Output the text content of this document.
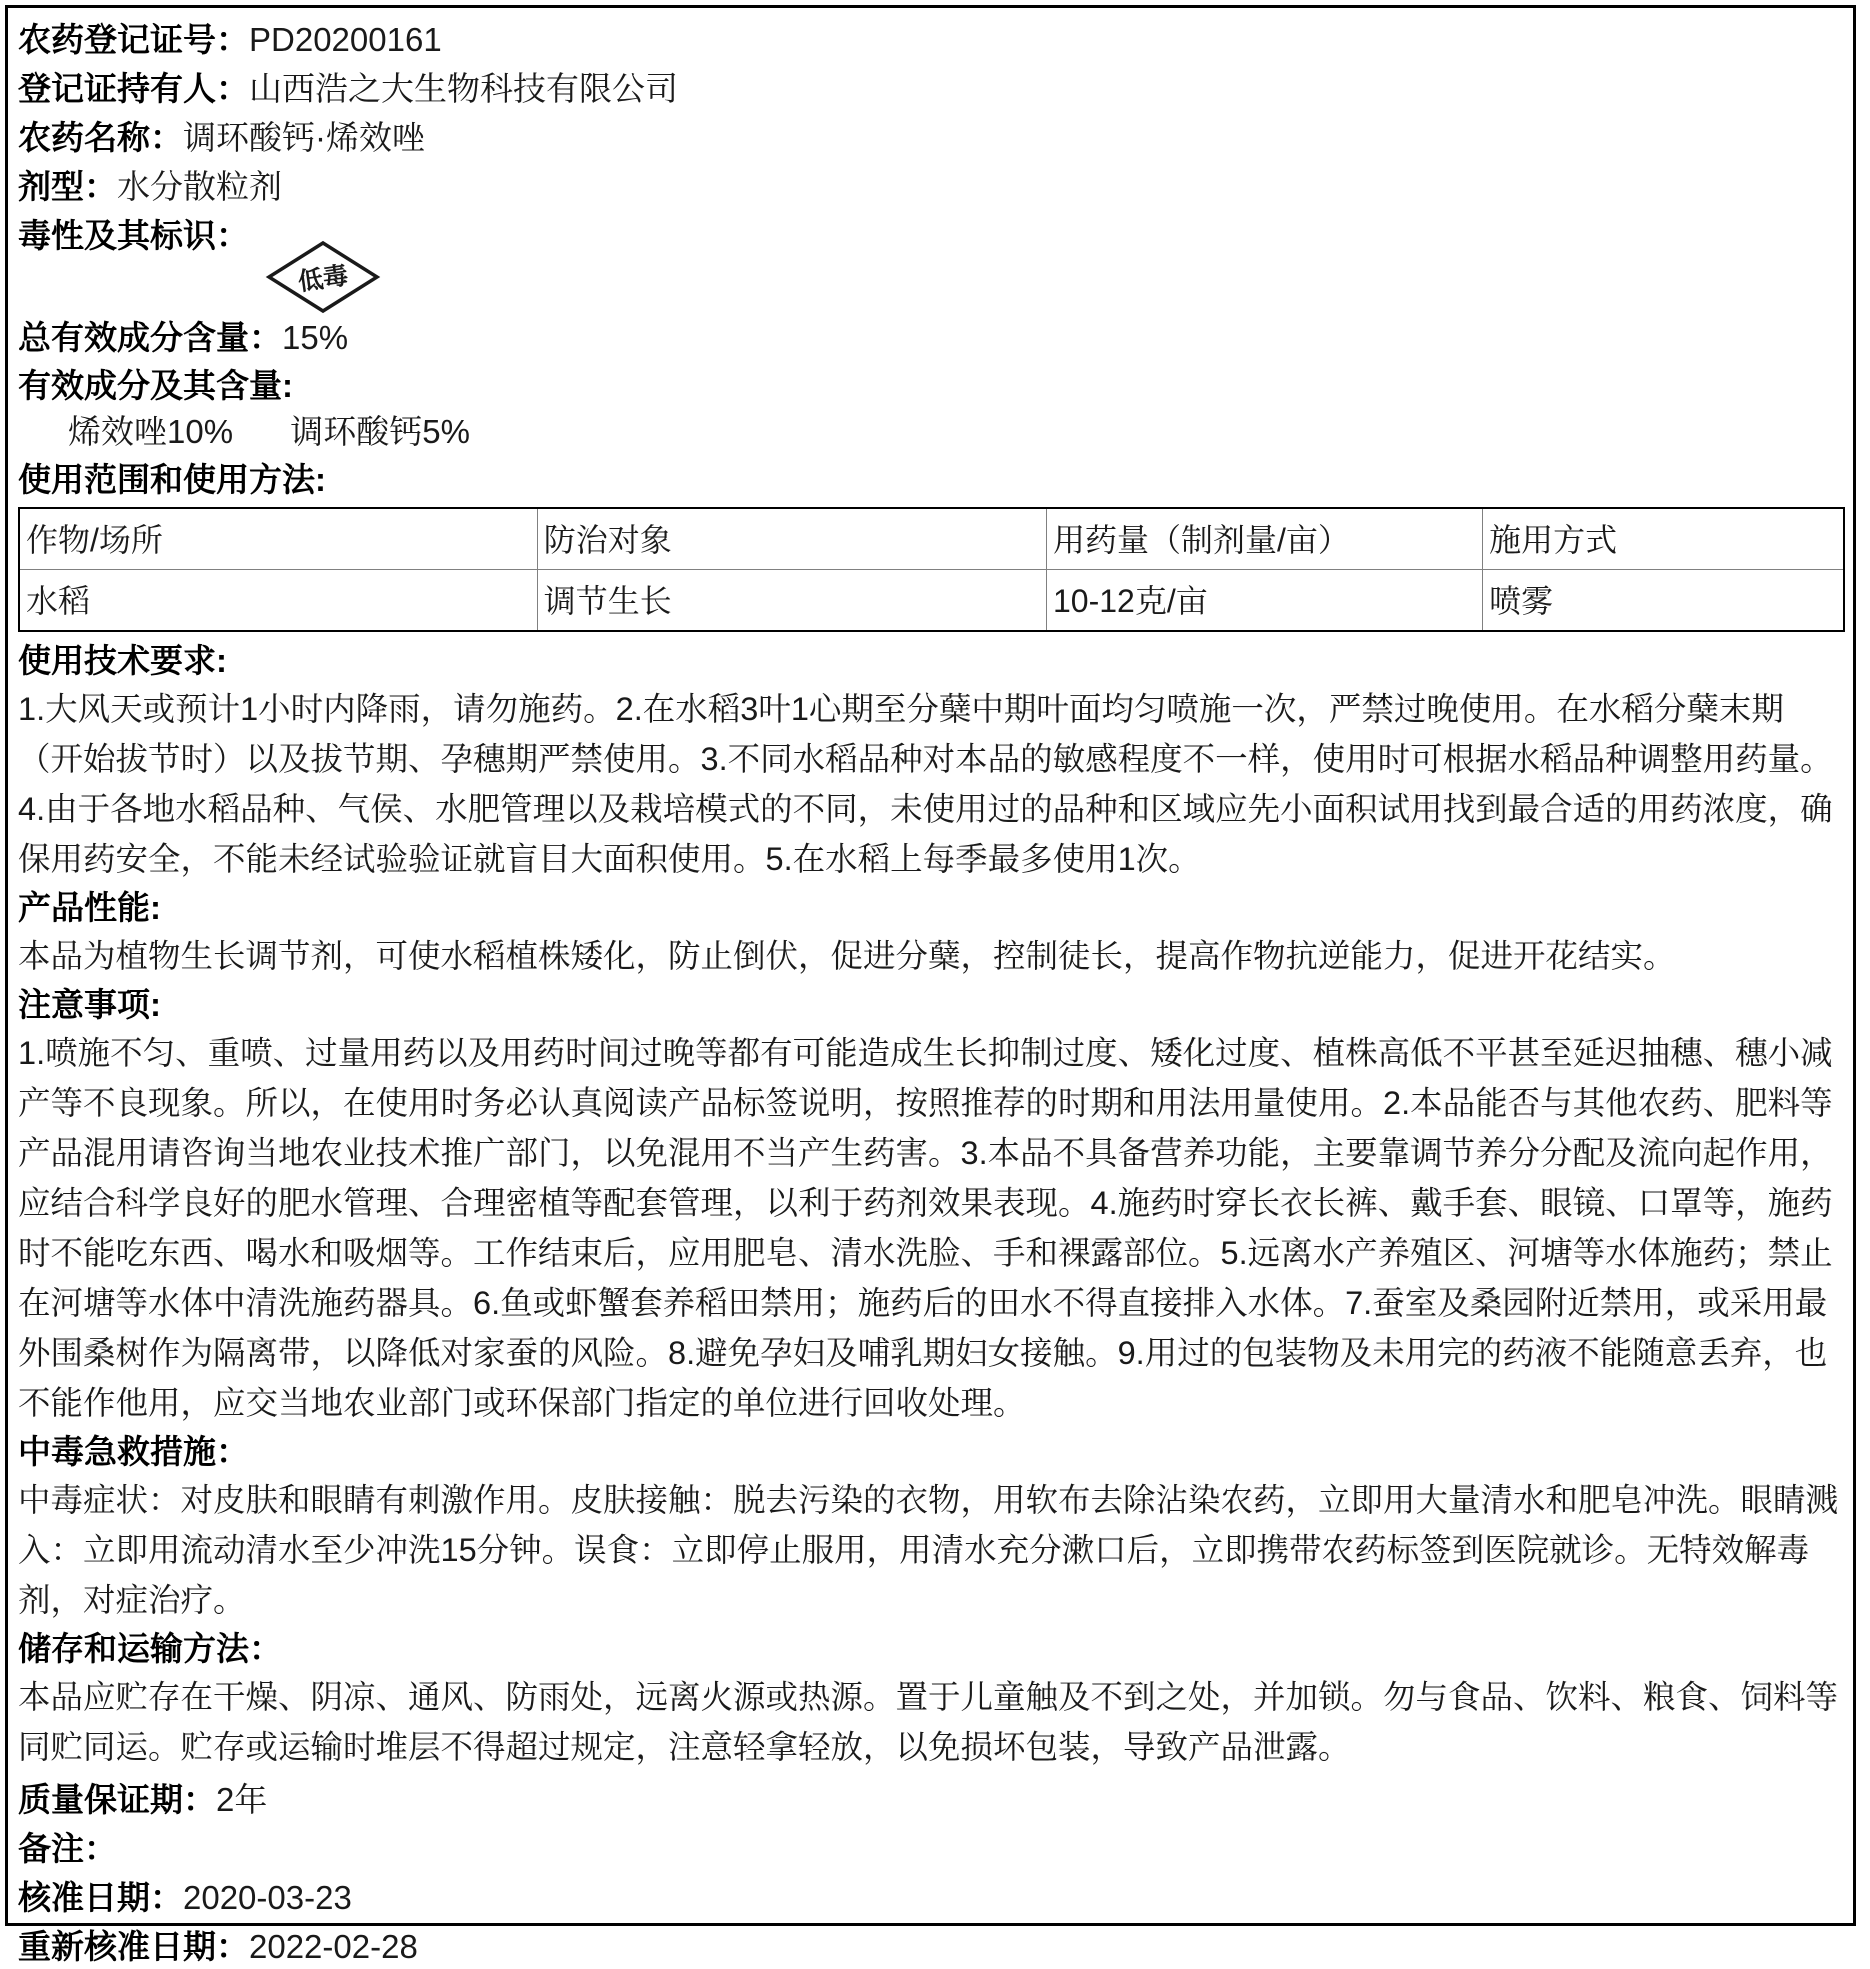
农药登记证号：PD20200161
登记证持有人：山西浩之大生物科技有限公司
农药名称：调环酸钙·烯效唑
剂型：水分散粒剂
毒性及其标识：
低毒
总有效成分含量：15%
有效成分及其含量:
烯效唑10% 调环酸钙5%
使用范围和使用方法:
作物/场所	防治对象	用药量（制剂量/亩）	施用方式
水稻	调节生长	10-12克/亩	喷雾
使用技术要求:
1.大风天或预计1小时内降雨，请勿施药。2.在水稻3叶1心期至分蘖中期叶面均匀喷施一次，严禁过晚使用。在水稻分蘖末期（开始拔节时）以及拔节期、孕穗期严禁使用。3.不同水稻品种对本品的敏感程度不一样，使用时可根据水稻品种调整用药量。4.由于各地水稻品种、气侯、水肥管理以及栽培模式的不同，未使用过的品种和区域应先小面积试用找到最合适的用药浓度，确保用药安全，不能未经试验验证就盲目大面积使用。5.在水稻上每季最多使用1次。
产品性能:
本品为植物生长调节剂，可使水稻植株矮化，防止倒伏，促进分蘖，控制徒长，提高作物抗逆能力，促进开花结实。
注意事项:
1.喷施不匀、重喷、过量用药以及用药时间过晚等都有可能造成生长抑制过度、矮化过度、植株高低不平甚至延迟抽穗、穗小减产等不良现象。所以，在使用时务必认真阅读产品标签说明，按照推荐的时期和用法用量使用。2.本品能否与其他农药、肥料等产品混用请咨询当地农业技术推广部门，以免混用不当产生药害。3.本品不具备营养功能，主要靠调节养分分配及流向起作用，应结合科学良好的肥水管理、合理密植等配套管理，以利于药剂效果表现。4.施药时穿长衣长裤、戴手套、眼镜、口罩等，施药时不能吃东西、喝水和吸烟等。工作结束后，应用肥皂、清水洗脸、手和裸露部位。5.远离水产养殖区、河塘等水体施药；禁止在河塘等水体中清洗施药器具。6.鱼或虾蟹套养稻田禁用；施药后的田水不得直接排入水体。7.蚕室及桑园附近禁用，或采用最外围桑树作为隔离带，以降低对家蚕的风险。8.避免孕妇及哺乳期妇女接触。9.用过的包装物及未用完的药液不能随意丢弃，也不能作他用，应交当地农业部门或环保部门指定的单位进行回收处理。
中毒急救措施：
中毒症状：对皮肤和眼睛有刺激作用。皮肤接触：脱去污染的衣物，用软布去除沾染农药，立即用大量清水和肥皂冲洗。眼睛溅入：立即用流动清水至少冲洗15分钟。误食：立即停止服用，用清水充分漱口后，立即携带农药标签到医院就诊。无特效解毒剂，对症治疗。
储存和运输方法：
本品应贮存在干燥、阴凉、通风、防雨处，远离火源或热源。置于儿童触及不到之处，并加锁。勿与食品、饮料、粮食、饲料等同贮同运。贮存或运输时堆层不得超过规定，注意轻拿轻放，以免损坏包装，导致产品泄露。
质量保证期：2年
备注：
核准日期：2020-03-23
重新核准日期：2022-02-28
